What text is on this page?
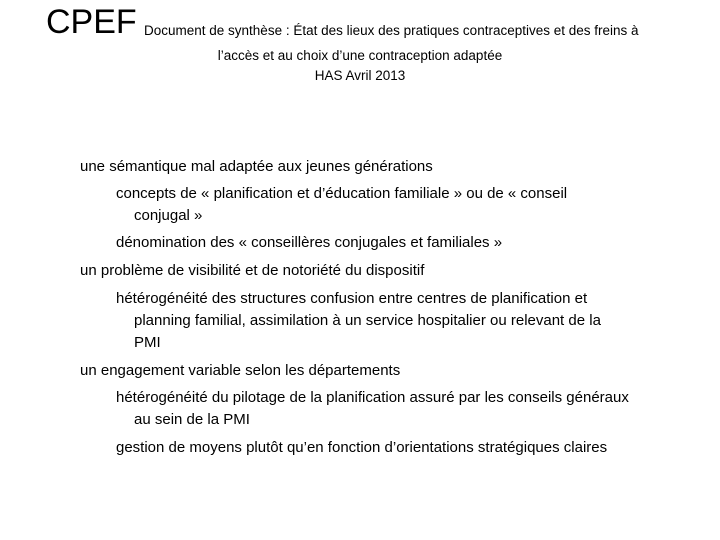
CPEF Document de synthèse : État des lieux des pratiques contraceptives et des freins à
l’accès et au choix d’une contraception adaptée
HAS Avril 2013
une sémantique mal adaptée aux jeunes générations
concepts de « planification et d’éducation familiale » ou de « conseil
conjugal »
dénomination des « conseillères conjugales et familiales »
un problème de visibilité et de notoriété du dispositif
hétérogénéité des structures confusion entre centres de planification et
planning familial, assimilation à un service hospitalier ou relevant de la
PMI
un engagement variable selon les départements
hétérogénéité du pilotage de la planification assuré par les conseils généraux
au sein de la PMI
gestion de moyens plutôt qu’en fonction d’orientations stratégiques claires
